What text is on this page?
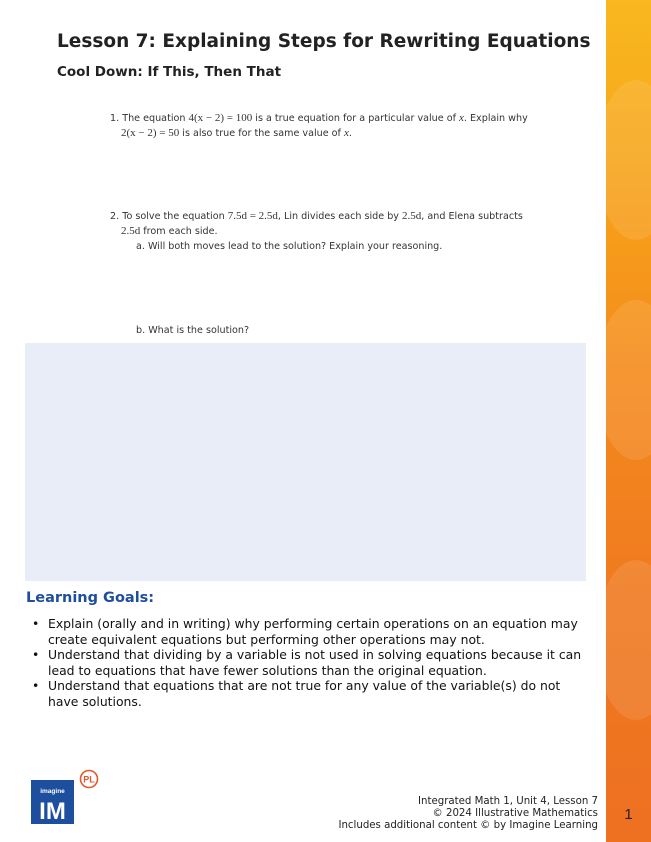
1
Lesson 7: Explaining Steps for Rewriting Equations
Cool Down: If This, Then That
1. The equation 4(x − 2) = 100 is a true equation for a particular value of x. Explain why
2(x − 2) = 50 is also true for the same value of x.
2. To solve the equation 7.5d = 2.5d, Lin divides each side by 2.5d, and Elena subtracts
2.5d from each side.
a. Will both moves lead to the solution? Explain your reasoning.
b. What is the solution?
Learning Goals:
• Explain (orally and in writing) why performing certain operations on an equation may create equivalent equations but performing other operations may not.
• Understand that dividing by a variable is not used in solving equations because it can lead to equations that have fewer solutions than the original equation.
• Understand that equations that are not true for any value of the variable(s) do not have solutions.
imagine
IM
PL
Integrated Math 1, Unit 4, Lesson 7
© 2024 Illustrative Mathematics
Includes additional content © by Imagine Learning
